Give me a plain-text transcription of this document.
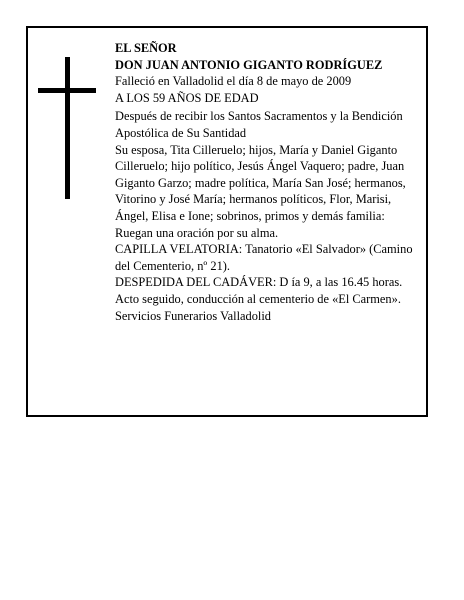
EL SEÑOR

DON JUAN ANTONIO GIGANTO RODRÍGUEZ

Falleció en Valladolid el día 8 de mayo de 2009

A LOS 59 AÑOS DE EDAD

Después de recibir los Santos Sacramentos y la Bendición Apostólica de Su Santidad

Su esposa, Tita Cilleruelo; hijos, María y Daniel Giganto Cilleruelo; hijo político, Jesús Ángel Vaquero; padre, Juan Giganto Garzo; madre política, María San José; hermanos, Vitorino y José María; hermanos políticos, Flor, Marisi, Ángel, Elisa e Ione; sobrinos, primos y demás familia:

Ruegan una oración por su alma.

CAPILLA VELATORIA: Tanatorio «El Salvador» (Camino del Cementerio, nº 21).

DESPEDIDA DEL CADÁVER: D ía 9, a las 16.45 horas. Acto seguido, conducción al cementerio de «El Carmen».

Servicios Funerarios Valladolid
